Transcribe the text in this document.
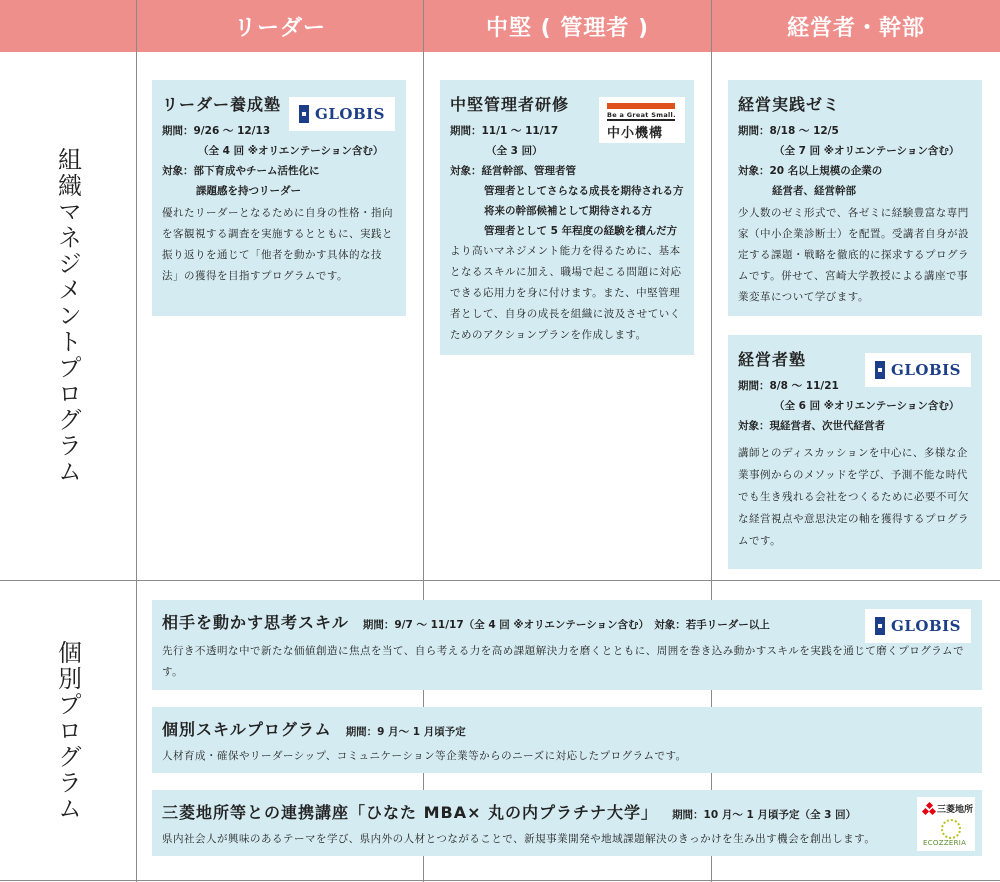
リーダー	中堅 ( 管理者 )	経営者・幹部
組織マネジメントプログラム
個別プログラム
リーダー養成塾
期間：9/26 〜 12/13
（全 4 回 ※オリエンテーション含む）
対象：部下育成やチーム活性化に
課題感を持つリーダー
優れたリーダーとなるために自身の性格・指向を客観視する調査を実施するとともに、実践と振り返りを通じて「他者を動かす具体的な技法」の獲得を目指すプログラムです。
GLOBIS	中堅管理者研修
期間：11/1 〜 11/17
（全 3 回）
対象：経営幹部、管理者管
管理者としてさらなる成長を期待される方
将来の幹部候補として期待される方
管理者として 5 年程度の経験を積んだ方
より高いマネジメント能力を得るために、基本となるスキルに加え、職場で起こる問題に対応できる応用力を身に付けます。また、中堅管理者として、自身の成長を組織に波及させていくためのアクションプランを作成します。
Be a Great Small.
中小機構
経営実践ゼミ
期間：8/18 〜 12/5
（全 7 回 ※オリエンテーション含む）
対象：20 名以上規模の企業の
経営者、経営幹部
少人数のゼミ形式で、各ゼミに経験豊富な専門家（中小企業診断士）を配置。受講者自身が設定する課題・戦略を徹底的に探求するプログラムです。併せて、宮崎大学教授による講座で事業変革について学びます。
経営者塾
期間：8/8 〜 11/21
（全 6 回 ※オリエンテーション含む）
対象：現経営者、次世代経営者
講師とのディスカッションを中心に、多様な企業事例からのメソッドを学び、予測不能な時代でも生き残れる会社をつくるために必要不可欠な経営視点や意思決定の軸を獲得するプログラムです。
GLOBIS
相手を動かす思考スキル 期間：9/7 〜 11/17（全 4 回 ※オリエンテーション含む）　対象：若手リーダー以上
先行き不透明な中で新たな価値創造に焦点を当て、自ら考える力を高め課題解決力を磨くとともに、周囲を巻き込み動かすスキルを実践を通じて磨くプログラムです。
GLOBIS
個別スキルプログラム 期間：9 月〜 1 月頃予定
人材育成・確保やリーダーシップ、コミュニケーション等企業等からのニーズに対応したプログラムです。
三菱地所等との連携講座「ひなた MBA× 丸の内プラチナ大学」 期間：10 月〜 1 月頃予定（全 3 回）
県内社会人が興味のあるテーマを学び、県内外の人材とつながることで、新規事業開発や地域課題解決のきっかけを生み出す機会を創出します。
三菱地所
ECOZZERIA
